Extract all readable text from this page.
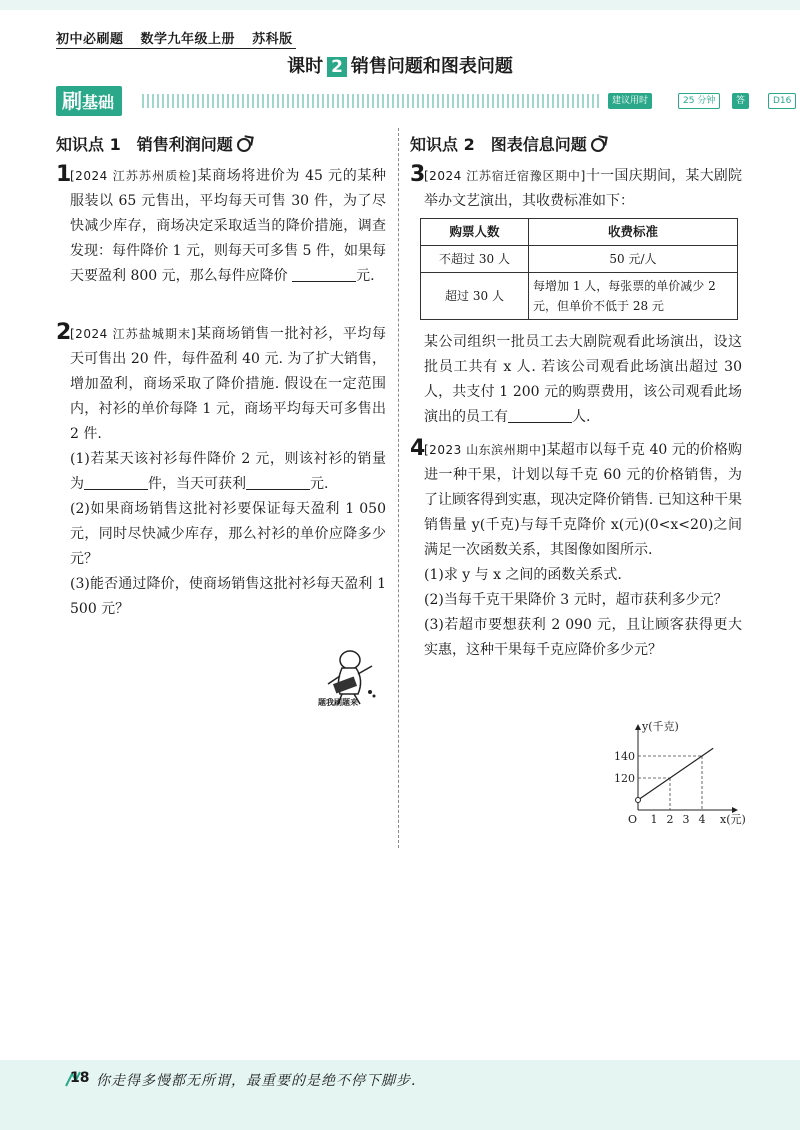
初中必刷题 数学九年级上册 苏科版
课时 2 销售问题和图表问题
刷基础	建议用时	25 分钟	答案
D16
知识点 1　销售利润问题
1
[2024 江苏苏州质检]某商场将进价为 45 元的某种服装以 65 元售出，平均每天可售 30 件，为了尽快减少库存，商场决定采取适当的降价措施，调查发现：每件降价 1 元，则每天可多售 5 件，如果每天要盈利 800 元，那么每件应降价	元.
2
[2024 江苏盐城期末]某商场销售一批衬衫，平均每天可售出 20 件，每件盈利 40 元. 为了扩大销售，增加盈利，商场采取了降价措施. 假设在一定范围内，衬衫的单价每降 1 元，商场平均每天可多售出 2 件.
(1)若某天该衬衫每件降价 2 元，则该衬衫的销量为	件，当天可获利	元.
(2)如果商场销售这批衬衫要保证每天盈利 1 050 元，同时尽快减少库存，那么衬衫的单价应降多少元？
(3)能否通过降价，使商场销售这批衬衫每天盈利 1 500 元？
题我刷题来
知识点 2　图表信息问题
3
[2024 江苏宿迁宿豫区期中]十一国庆期间，某大剧院举办文艺演出，其收费标准如下：
购票人数	收费标准
不超过 30 人	50 元/人
超过 30 人	每增加 1 人，每张票的单价减少 2 元，但单价不低于 28 元
某公司组织一批员工去大剧院观看此场演出，设这批员工共有 x 人. 若该公司观看此场演出超过 30 人，共支付 1 200 元的购票费用，该公司观看此场演出的员工有	人.
4
[2023 山东滨州期中]某超市以每千克 40 元的价格购进一种干果，计划以每千克 60 元的价格销售，为了让顾客得到实惠，现决定降价销售. 已知这种干果销售量 y(千克)与每千克降价 x(元)(0<x<20)之间满足一次函数关系，其图像如图所示.
(1)求 y 与 x 之间的函数关系式.
(2)当每千克干果降价 3 元时，超市获利多少元？
(3)若超市要想获利 2 090 元，且让顾客获得更大实惠，这种干果每千克应降价多少元？
120
140
1 2 3 4
O
y(千克)
x(元)
18 你走得多慢都无所谓，最重要的是绝不停下脚步.
